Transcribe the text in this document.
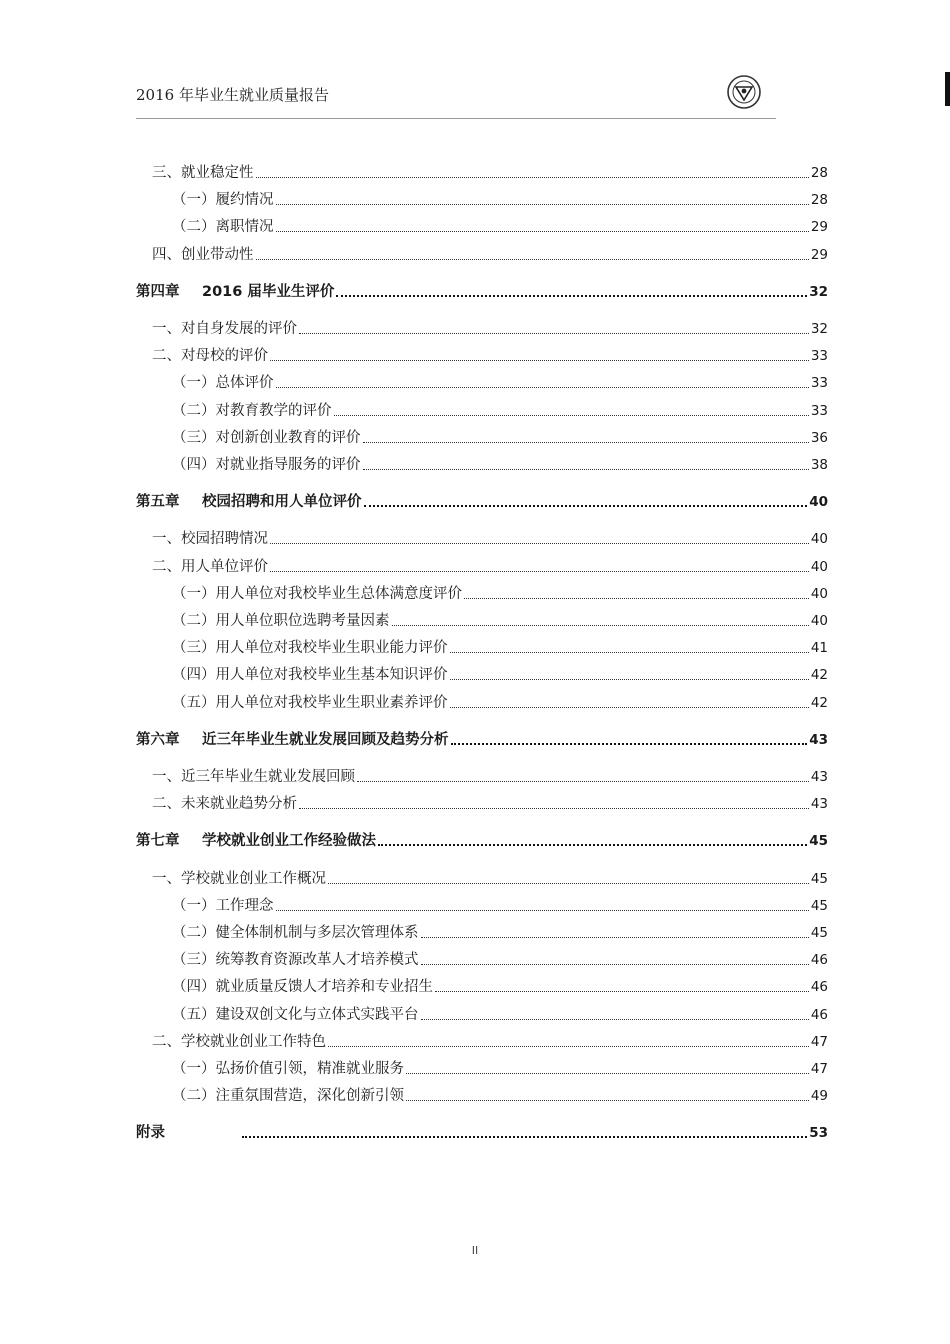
2016 年毕业生就业质量报告
三、就业稳定性	28
（一）履约情况	28
（二）离职情况	29
四、创业带动性	29
第四章 2016 届毕业生评价	32
一、对自身发展的评价	32
二、对母校的评价	33
（一）总体评价	33
（二）对教育教学的评价	33
（三）对创新创业教育的评价	36
（四）对就业指导服务的评价	38
第五章 校园招聘和用人单位评价	40
一、校园招聘情况	40
二、用人单位评价	40
（一）用人单位对我校毕业生总体满意度评价	40
（二）用人单位职位选聘考量因素	40
（三）用人单位对我校毕业生职业能力评价	41
（四）用人单位对我校毕业生基本知识评价	42
（五）用人单位对我校毕业生职业素养评价	42
第六章 近三年毕业生就业发展回顾及趋势分析	43
一、近三年毕业生就业发展回顾	43
二、未来就业趋势分析	43
第七章 学校就业创业工作经验做法	45
一、学校就业创业工作概况	45
（一）工作理念	45
（二）健全体制机制与多层次管理体系	45
（三）统筹教育资源改革人才培养模式	46
（四）就业质量反馈人才培养和专业招生	46
（五）建设双创文化与立体式实践平台	46
二、学校就业创业工作特色	47
（一）弘扬价值引领，精准就业服务	47
（二）注重氛围营造，深化创新引领	49
附录	53
II
